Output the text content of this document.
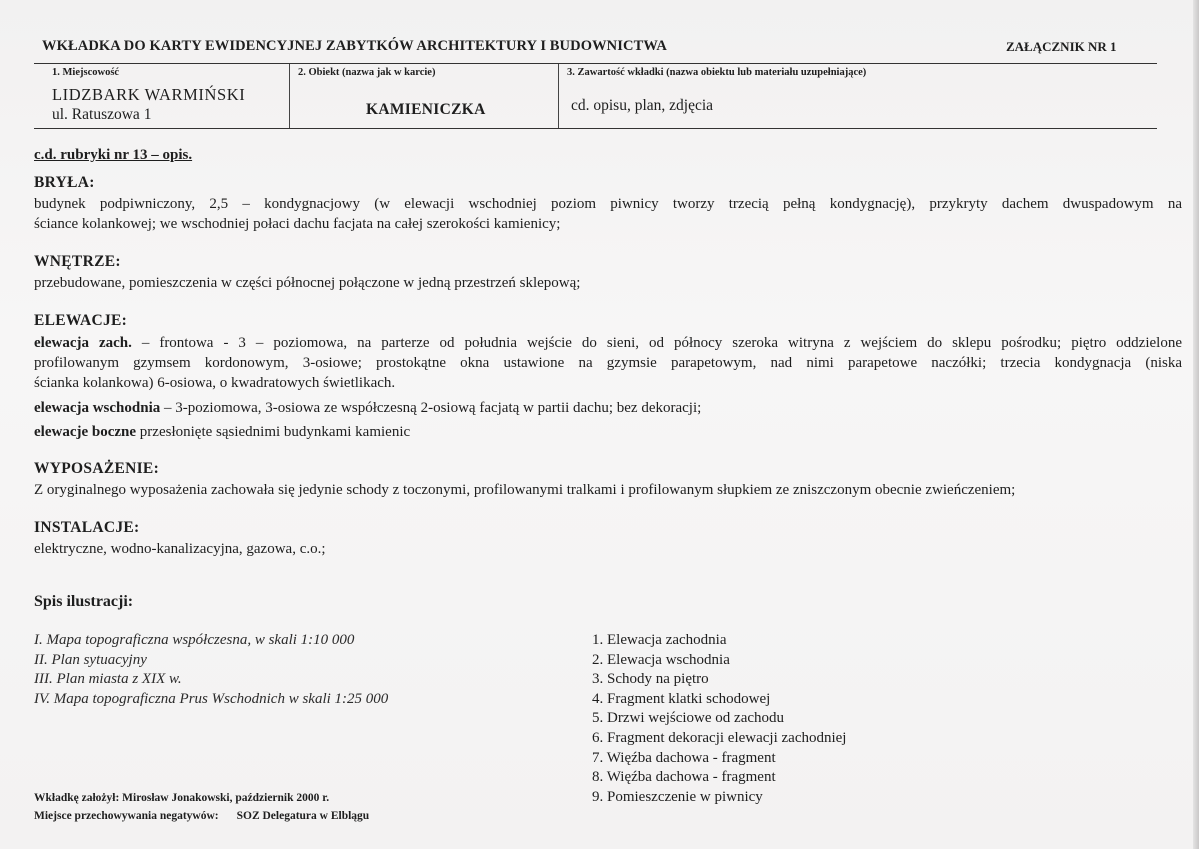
WKŁADKA DO KARTY EWIDENCYJNEJ ZABYTKÓW ARCHITEKTURY I BUDOWNICTWA	ZAŁĄCZNIK NR 1
1. Miejscowość
LIDZBARK WARMIŃSKI
ul. Ratuszowa 1
2. Obiekt (nazwa jak w karcie)
KAMIENICZKA
3. Zawartość wkładki (nazwa obiektu lub materiału uzupełniające)
cd. opisu, plan, zdjęcia
c.d. rubryki nr 13 – opis.
BRYŁA:
budynek podpiwniczony, 2,5 – kondygnacjowy (w elewacji wschodniej poziom piwnicy tworzy trzecią pełną kondygnację), przykryty dachem dwuspadowym na
ściance kolankowej; we wschodniej połaci dachu facjata na całej szerokości kamienicy;
WNĘTRZE:
przebudowane, pomieszczenia w części północnej połączone w jedną przestrzeń sklepową;
ELEWACJE:
elewacja zach. – frontowa - 3 – poziomowa, na parterze od południa wejście do sieni, od północy szeroka witryna z wejściem do sklepu pośrodku; piętro oddzielone
profilowanym gzymsem kordonowym, 3-osiowe; prostokątne okna ustawione na gzymsie parapetowym, nad nimi parapetowe naczółki; trzecia kondygnacja (niska
ścianka kolankowa) 6-osiowa, o kwadratowych świetlikach.
elewacja wschodnia – 3-poziomowa, 3-osiowa ze współczesną 2-osiową facjatą w partii dachu; bez dekoracji;
elewacje boczne przesłonięte sąsiednimi budynkami kamienic
WYPOSAŻENIE:
Z oryginalnego wyposażenia zachowała się jedynie schody z toczonymi, profilowanymi tralkami i profilowanym słupkiem ze zniszczonym obecnie zwieńczeniem;
INSTALACJE:
elektryczne, wodno-kanalizacyjna, gazowa, c.o.;
Spis ilustracji:
I. Mapa topograficzna współczesna, w skali 1:10 000
II. Plan sytuacyjny
III. Plan miasta z XIX w.
IV. Mapa topograficzna Prus Wschodnich w skali 1:25 000
1. Elewacja zachodnia
2. Elewacja wschodnia
3. Schody na piętro
4. Fragment klatki schodowej
5. Drzwi wejściowe od zachodu
6. Fragment dekoracji elewacji zachodniej
7. Więźba dachowa - fragment
8. Więźba dachowa - fragment
9. Pomieszczenie w piwnicy
Wkładkę założył: Mirosław Jonakowski, październik 2000 r.
Miejsce przechowywania negatywów: SOZ Delegatura w Elblągu
